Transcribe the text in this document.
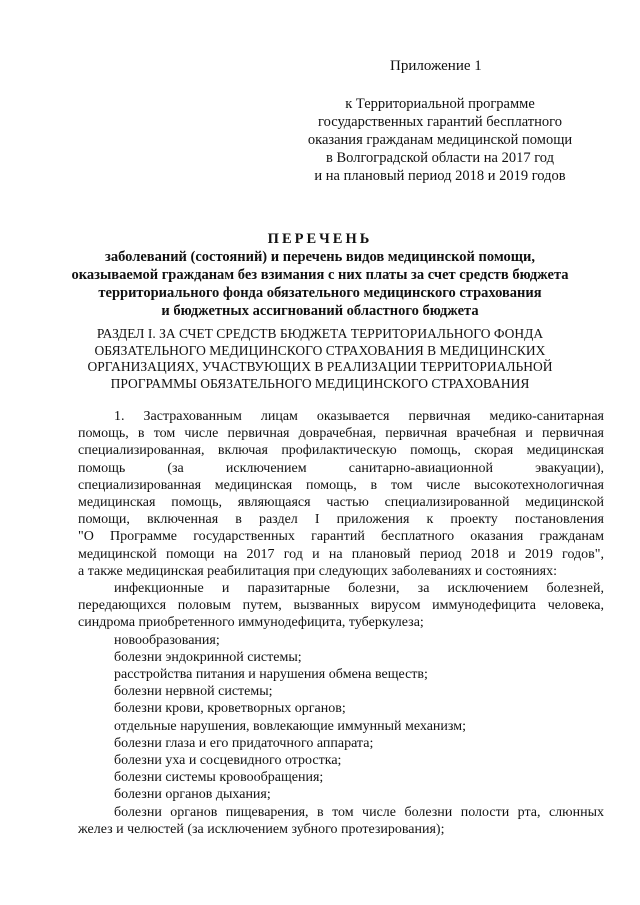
Приложение 1
к Территориальной программе
государственных гарантий бесплатного
оказания гражданам медицинской помощи
в Волгоградской области на 2017 год
и на плановый период 2018 и 2019 годов
ПЕРЕЧЕНЬ
заболеваний (состояний) и перечень видов медицинской помощи,
оказываемой гражданам без взимания с них платы за счет средств бюджета
территориального фонда обязательного медицинского страхования
и бюджетных ассигнований областного бюджета
РАЗДЕЛ I. ЗА СЧЕТ СРЕДСТВ БЮДЖЕТА ТЕРРИТОРИАЛЬНОГО ФОНДА
ОБЯЗАТЕЛЬНОГО МЕДИЦИНСКОГО СТРАХОВАНИЯ В МЕДИЦИНСКИХ
ОРГАНИЗАЦИЯХ, УЧАСТВУЮЩИХ В РЕАЛИЗАЦИИ ТЕРРИТОРИАЛЬНОЙ
ПРОГРАММЫ ОБЯЗАТЕЛЬНОГО МЕДИЦИНСКОГО СТРАХОВАНИЯ
1. Застрахованным лицам оказывается первичная медико-санитарная
помощь, в том числе первичная доврачебная, первичная врачебная и первичная
специализированная, включая профилактическую помощь, скорая медицинская
помощь (за исключением санитарно-авиационной эвакуации),
специализированная медицинская помощь, в том числе высокотехнологичная
медицинская помощь, являющаяся частью специализированной медицинской
помощи, включенная в раздел I приложения к проекту постановления
"О Программе государственных гарантий бесплатного оказания гражданам
медицинской помощи на 2017 год и на плановый период 2018 и 2019 годов",
а также медицинская реабилитация при следующих заболеваниях и состояниях:
инфекционные и паразитарные болезни, за исключением болезней,
передающихся половым путем, вызванных вирусом иммунодефицита человека,
синдрома приобретенного иммунодефицита, туберкулеза;
новообразования;
болезни эндокринной системы;
расстройства питания и нарушения обмена веществ;
болезни нервной системы;
болезни крови, кроветворных органов;
отдельные нарушения, вовлекающие иммунный механизм;
болезни глаза и его придаточного аппарата;
болезни уха и сосцевидного отростка;
болезни системы кровообращения;
болезни органов дыхания;
болезни органов пищеварения, в том числе болезни полости рта, слюнных
желез и челюстей (за исключением зубного протезирования);
